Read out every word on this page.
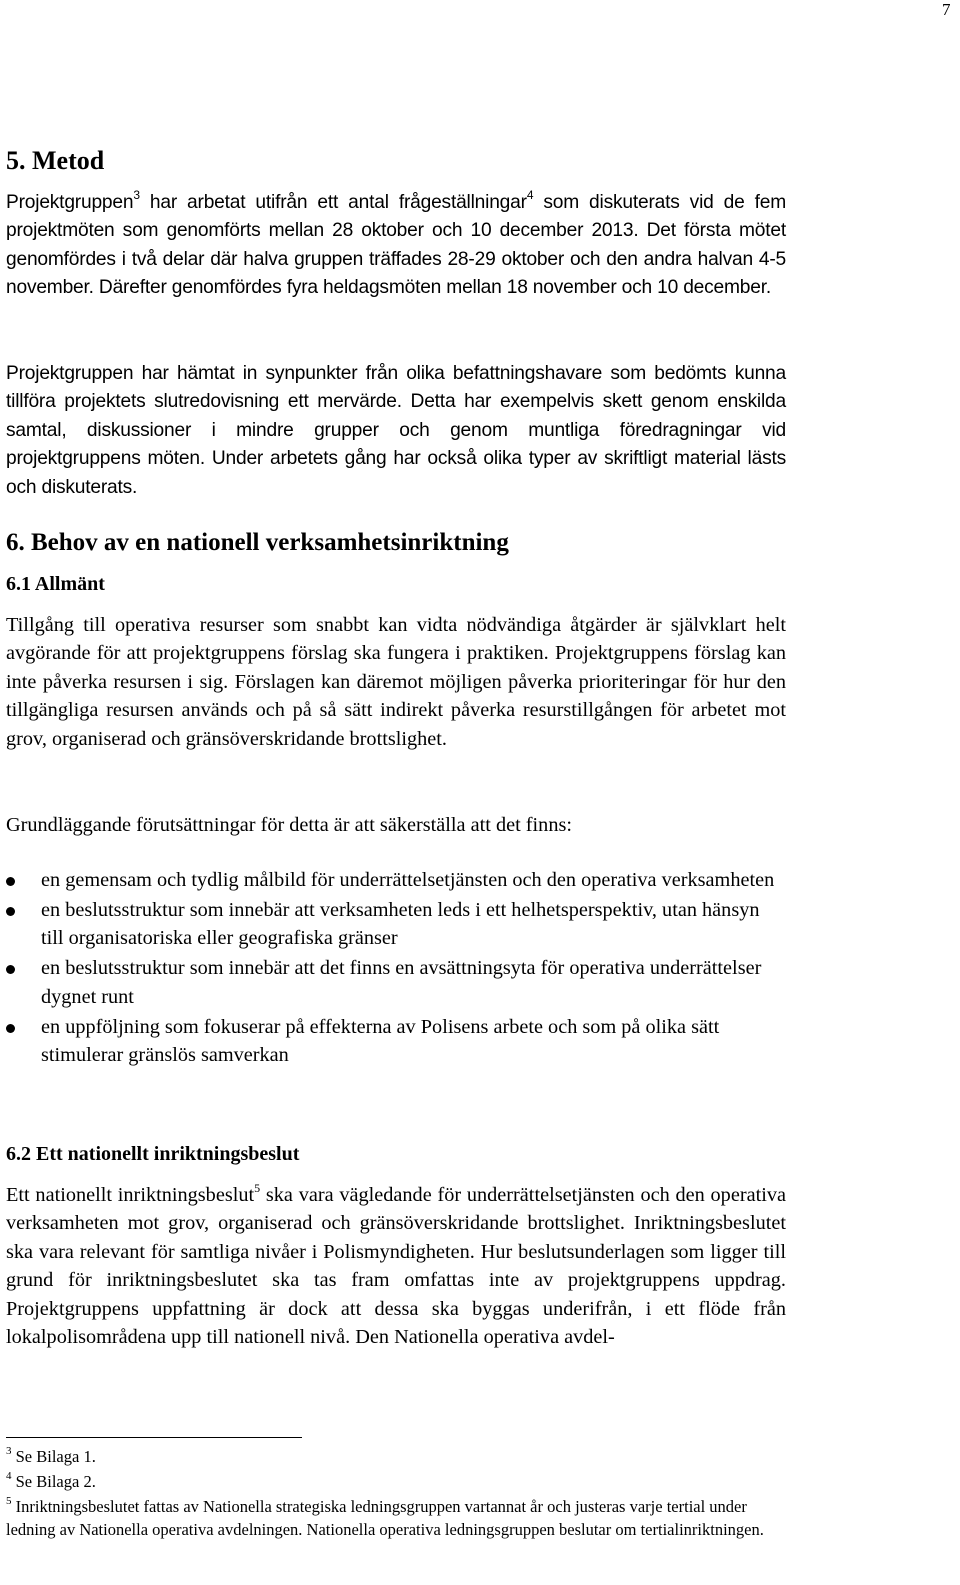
7
5. Metod
Projektgruppen$^3$ har arbetat utifrån ett antal frågeställningar$^4$ som diskuterats vid de fem projektmöten som genomförts mellan 28 oktober och 10 december 2013. Det första mötet genomfördes i två delar där halva gruppen träffades 28-29 oktober och den andra halvan 4-5 november. Därefter genomfördes fyra heldagsmöten mellan 18 november och 10 december.
Projektgruppen har hämtat in synpunkter från olika befattningshavare som bedömts kunna tillföra projektets slutredovisning ett mervärde. Detta har exempelvis skett genom enskilda samtal, diskussioner i mindre grupper och genom muntliga föredragningar vid projektgruppens möten. Under arbetets gång har också olika typer av skriftligt material lästs och diskuterats.
6. Behov av en nationell verksamhetsinriktning
6.1 Allmänt
Tillgång till operativa resurser som snabbt kan vidta nödvändiga åtgärder är självklart helt avgörande för att projektgruppens förslag ska fungera i praktiken. Projektgruppens förslag kan inte påverka resursen i sig. Förslagen kan däremot möjligen påverka prioriteringar för hur den tillgängliga resursen används och på så sätt indirekt påverka resurstillgången för arbetet mot grov, organiserad och gränsöverskridande brottslighet.
Grundläggande förutsättningar för detta är att säkerställa att det finns:
en gemensam och tydlig målbild för underrättelsetjänsten och den operativa verksamheten
en beslutsstruktur som innebär att verksamheten leds i ett helhetsperspektiv, utan hänsyn till organisatoriska eller geografiska gränser
en beslutsstruktur som innebär att det finns en avsättningsyta för operativa underrättelser dygnet runt
en uppföljning som fokuserar på effekterna av Polisens arbete och som på olika sätt stimulerar gränslös samverkan
6.2 Ett nationellt inriktningsbeslut
Ett nationellt inriktningsbeslut$^5$ ska vara vägledande för underrättelsetjänsten och den operativa verksamheten mot grov, organiserad och gränsöverskridande brottslighet. Inriktningsbeslutet ska vara relevant för samtliga nivåer i Polismyndigheten. Hur beslutsunderlagen som ligger till grund för inriktningsbeslutet ska tas fram omfattas inte av projektgruppens uppdrag. Projektgruppens uppfattning är dock att dessa ska byggas underifrån, i ett flöde från lokalpolisområdena upp till nationell nivå. Den Nationella operativa avdel-
$^3$ Se Bilaga 1.
$^4$ Se Bilaga 2.
$^5$ Inriktningsbeslutet fattas av Nationella strategiska ledningsgruppen vartannat år och justeras varje tertial under ledning av Nationella operativa avdelningen. Nationella operativa ledningsgruppen beslutar om tertialinriktningen.
